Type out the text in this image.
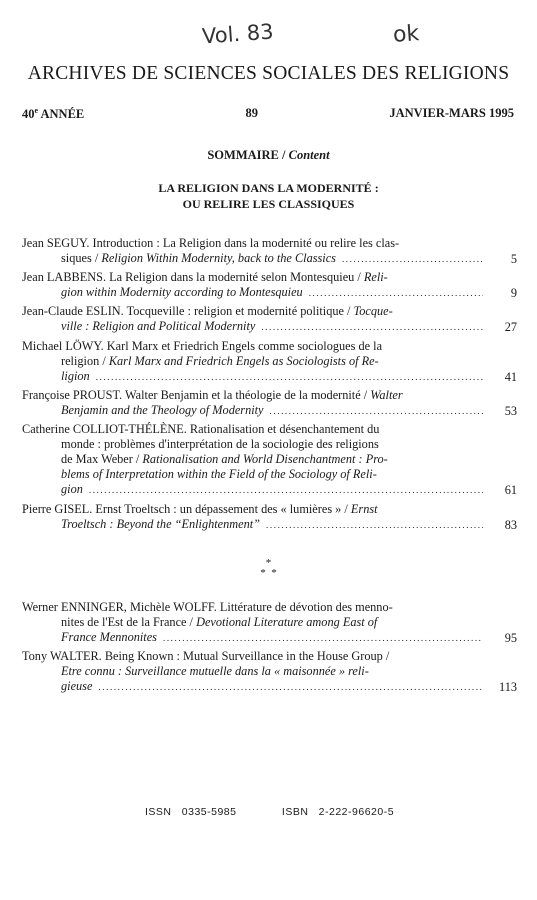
Vol. 83	ok
ARCHIVES DE SCIENCES SOCIALES DES RELIGIONS
40e ANNÉE	89	JANVIER-MARS 1995
SOMMAIRE / Content
LA RELIGION DANS LA MODERNITÉ :
OU RELIRE LES CLASSIQUES
Jean SEGUY. Introduction : La Religion dans la modernité ou relire les clas-
siques / Religion Within Modernity, back to the Classics .....	5
Jean LABBENS. La Religion dans la modernité selon Montesquieu / Reli-
gion within Modernity according to Montesquieu .....	9
Jean-Claude ESLIN. Tocqueville : religion et modernité politique / Tocque-
ville : Religion and Political Modernity .....	27
Michael LÖWY. Karl Marx et Friedrich Engels comme sociologues de la
religion / Karl Marx and Friedrich Engels as Sociologists of Re-
ligion .....	41
Françoise PROUST. Walter Benjamin et la théologie de la modernité / Walter
Benjamin and the Theology of Modernity .....	53
Catherine COLLIOT-THÉLÈNE. Rationalisation et désenchantement du
monde : problèmes d'interprétation de la sociologie des religions
de Max Weber / Rationalisation and World Disenchantment : Pro-
blems of Interpretation within the Field of the Sociology of Reli-
gion .....	61
Pierre GISEL. Ernst Troeltsch : un dépassement des « lumières » / Ernst
Troeltsch : Beyond the “Enlightenment” .....	83
*
*  *
Werner ENNINGER, Michèle WOLFF. Littérature de dévotion des menno-
nites de l'Est de la France / Devotional Literature among East of
France Mennonites .....	95
Tony WALTER. Being Known : Mutual Surveillance in the House Group /
Etre connu : Surveillance mutuelle dans la « maisonnée » reli-
gieuse .....	113
ISSN   0335-5985	ISBN   2-222-96620-5
